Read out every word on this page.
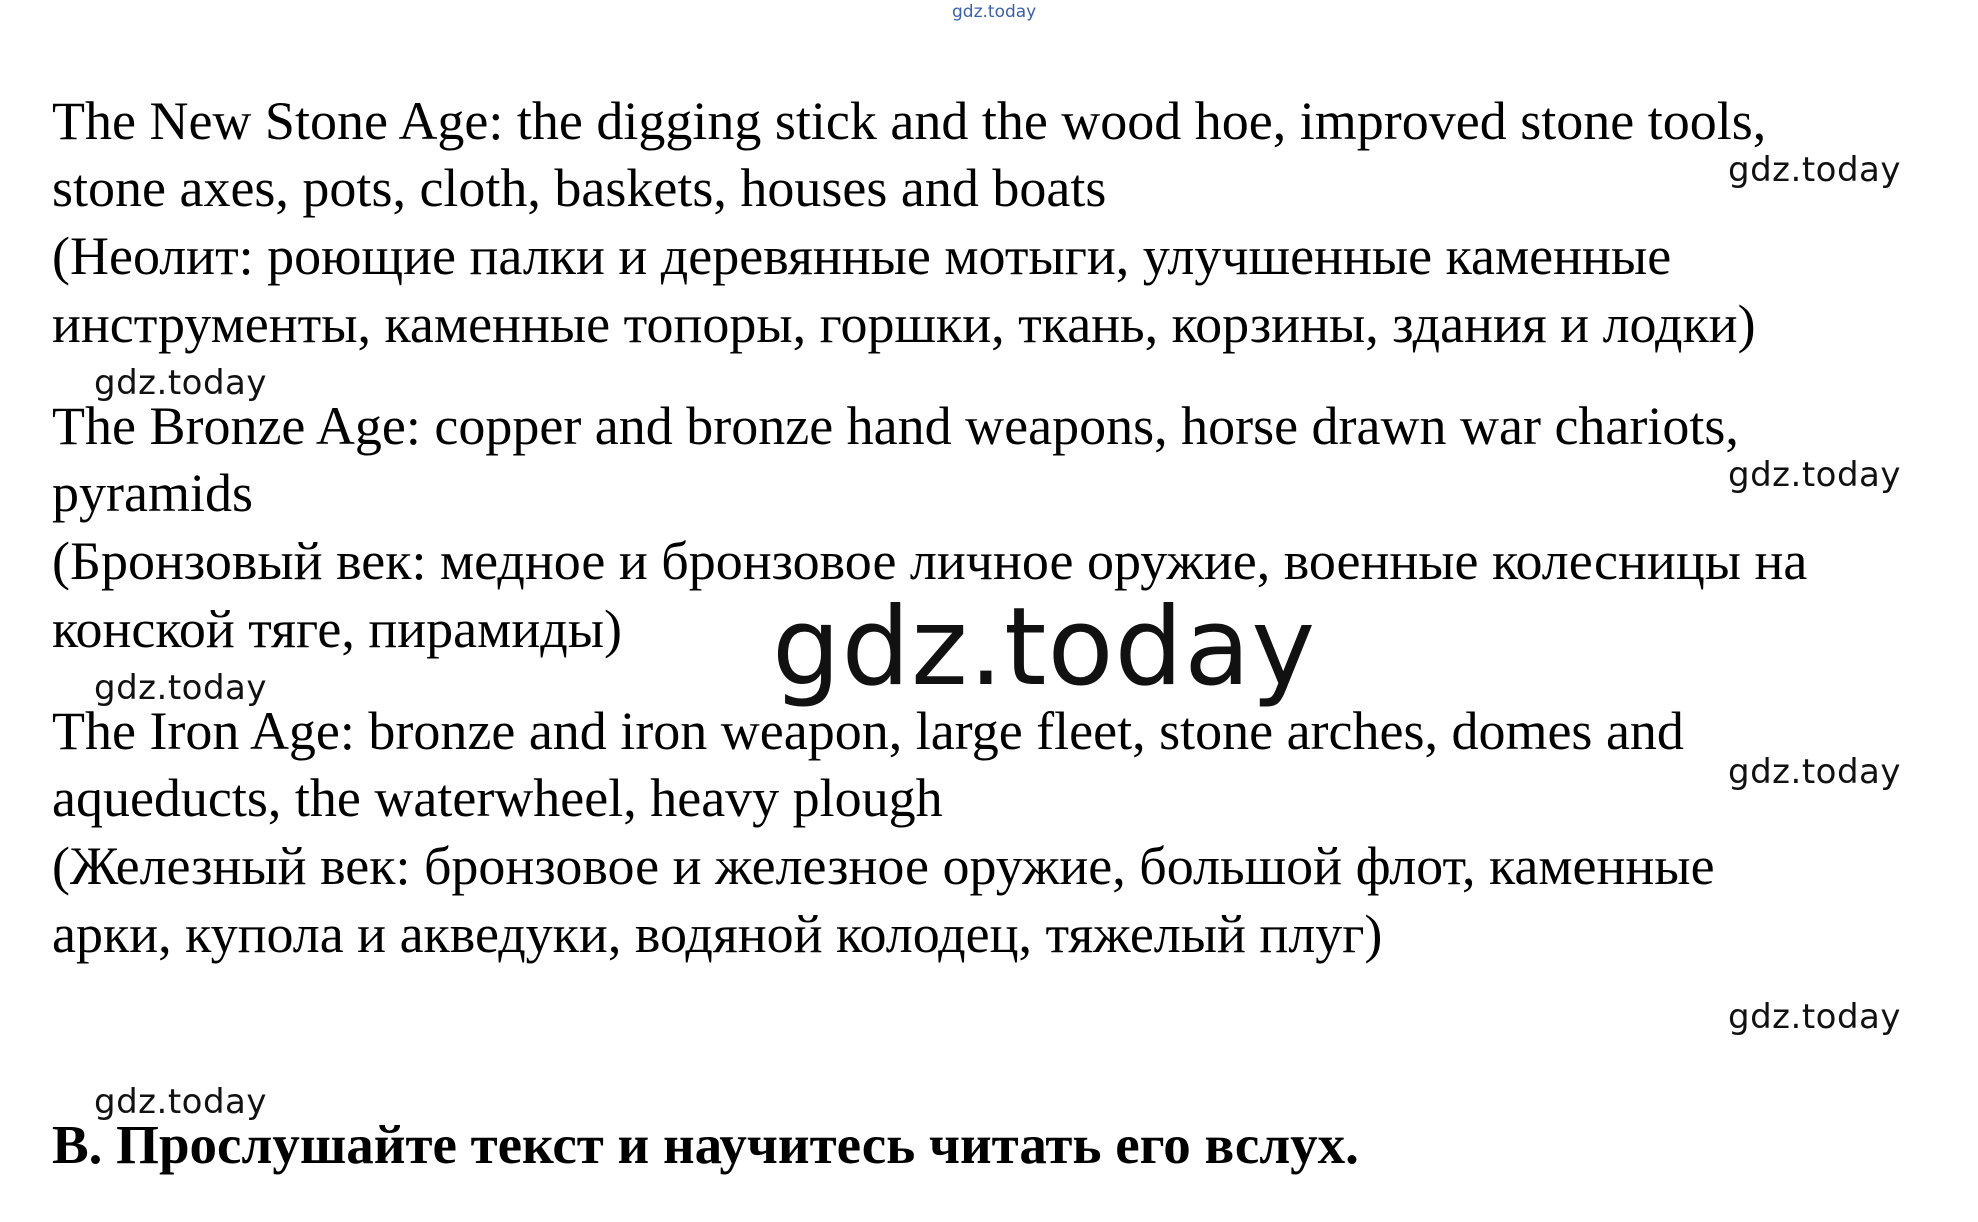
gdz.today

The New Stone Age: the digging stick and the wood hoe, improved stone tools,

gdz.today

stone axes, pots, cloth, baskets, houses and boats

(Неолит: роющие палки и деревянные мотыги, улучшенные каменные

инструменты, каменные топоры, горшки, ткань, корзины, здания и лодки)

gdz.today

The Bronze Age: copper and bronze hand weapons, horse drawn war chariots,

gdz.today

pyramids

(Бронзовый век: медное и бронзовое личное оружие, военные колесницы на

конской тяге, пирамиды) gdz.today
gdz.today

The Iron Age: bronze and iron weapon, large fleet, stone arches, domes and

gdz.today

aqueducts, the waterwheel, heavy plough

(Железный век: бронзовое и железное оружие, большой флот, каменные

арки, купола и акведуки, водяной колодец, тяжелый плуг)

gdz.today
gdz.today

B. Прослушайте текст и научитесь читать его вслух.
